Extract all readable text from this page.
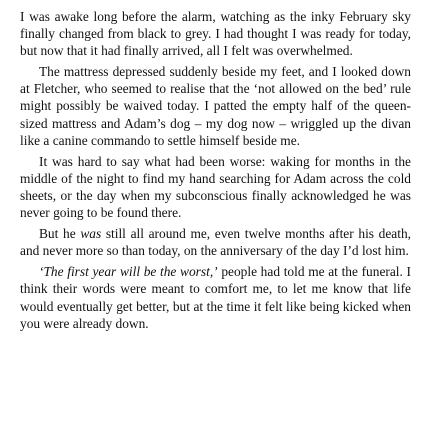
I was awake long before the alarm, watching as the inky February sky finally changed from black to grey. I had thought I was ready for today, but now that it had finally arrived, all I felt was overwhelmed.

The mattress depressed suddenly beside my feet, and I looked down at Fletcher, who seemed to realise that the ‘not allowed on the bed’ rule might possibly be waived today. I patted the empty half of the queen-sized mattress and Adam’s dog – my dog now – wriggled up the divan like a canine commando to settle himself beside me.

It was hard to say what had been worse: waking for months in the middle of the night to find my hand searching for Adam across the cold sheets, or the day when my subconscious finally acknowledged he was never going to be found there.

But he was still all around me, even twelve months after his death, and never more so than today, on the anniversary of the day I’d lost him.

‘The first year will be the worst,’ people had told me at the funeral. I think their words were meant to comfort me, to let me know that life would eventually get better, but at the time it felt like being kicked when you were already down.
